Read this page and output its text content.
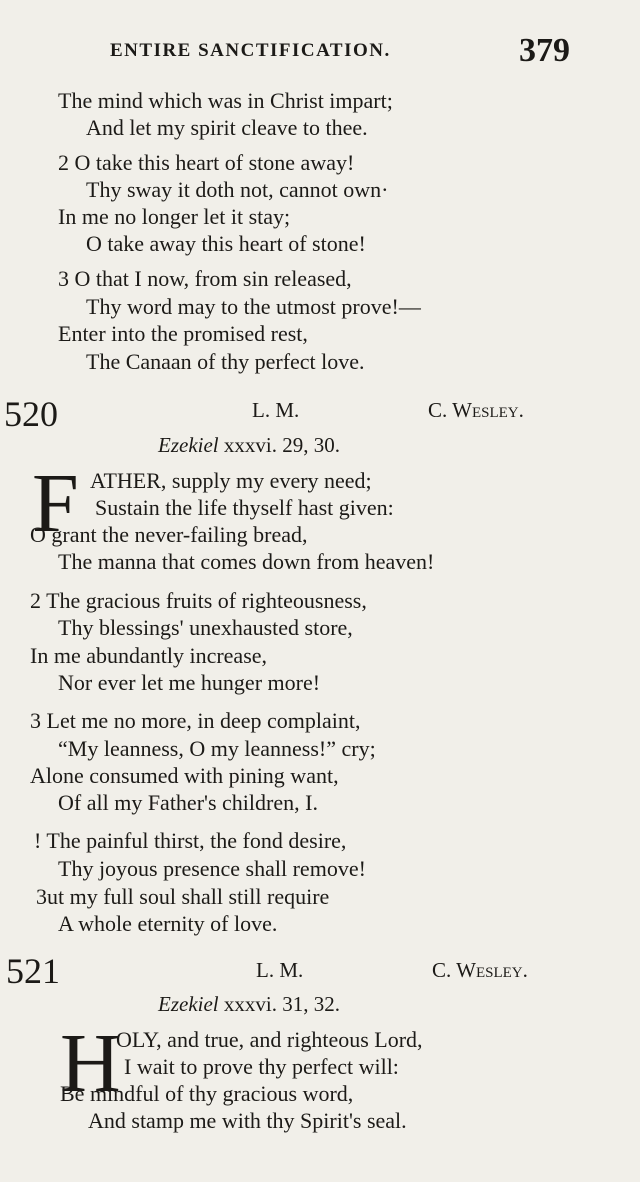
ENTIRE SANCTIFICATION.	379
The mind which was in Christ impart;
And let my spirit cleave to thee.
2 O take this heart of stone away!
Thy sway it doth not, cannot own·
In me no longer let it stay;
O take away this heart of stone!
3 O that I now, from sin released,
Thy word may to the utmost prove!—
Enter into the promised rest,
The Canaan of thy perfect love.
520	L. M.	C. Wesley.
Ezekiel xxxvi. 29, 30.
F ATHER, supply my every need;
Sustain the life thyself hast given:
O grant the never-failing bread,
The manna that comes down from heaven!
2 The gracious fruits of righteousness,
Thy blessings' unexhausted store,
In me abundantly increase,
Nor ever let me hunger more!
3 Let me no more, in deep complaint,
“My leanness, O my leanness!” cry;
Alone consumed with pining want,
Of all my Father's children, I.
! The painful thirst, the fond desire,
Thy joyous presence shall remove!
3ut my full soul shall still require
A whole eternity of love.
521	L. M.	C. Wesley.
Ezekiel xxxvi. 31, 32.
H
OLY, and true, and righteous Lord,
I wait to prove thy perfect will:
Be mindful of thy gracious word,
And stamp me with thy Spirit's seal.
